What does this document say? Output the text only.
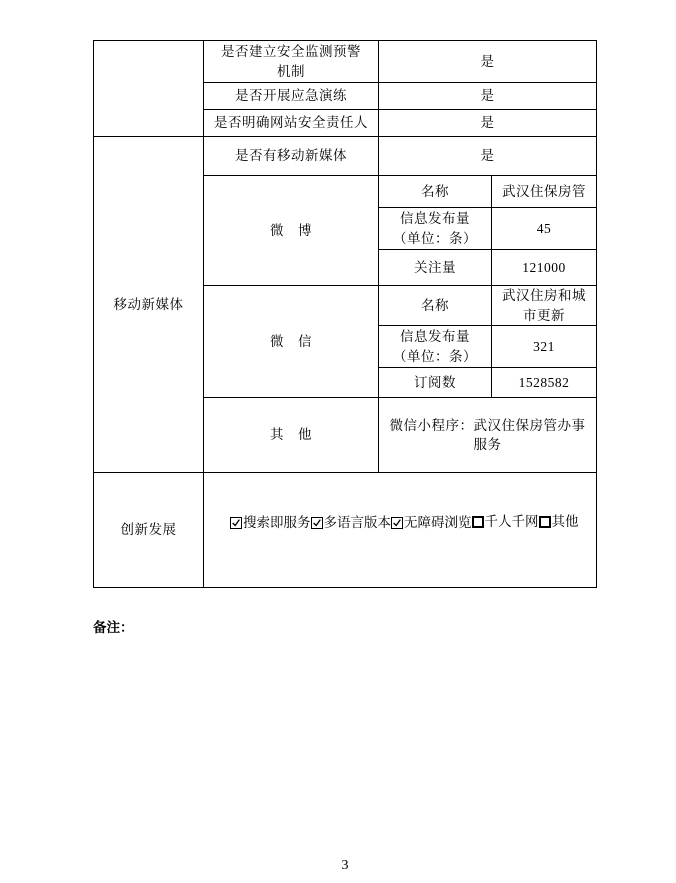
	是否建立安全监测预警
机制	是	
	是否开展应急演练	是	
	是否明确网站安全责任人	是	
移动新媒体	是否有移动新媒体	是	
	微　博	名称	武汉住保房管
		信息发布量
（单位：条）	45
		关注量	121000
	微　信	名称	武汉住房和城
市更新
		信息发布量
（单位：条）	321
		订阅数	1528582
	其　他	微信小程序：武汉住保房管办事
服务	
创新发展	搜索即服务 多语言版本 无障碍浏览 千人千网 其他		
备注：
3
